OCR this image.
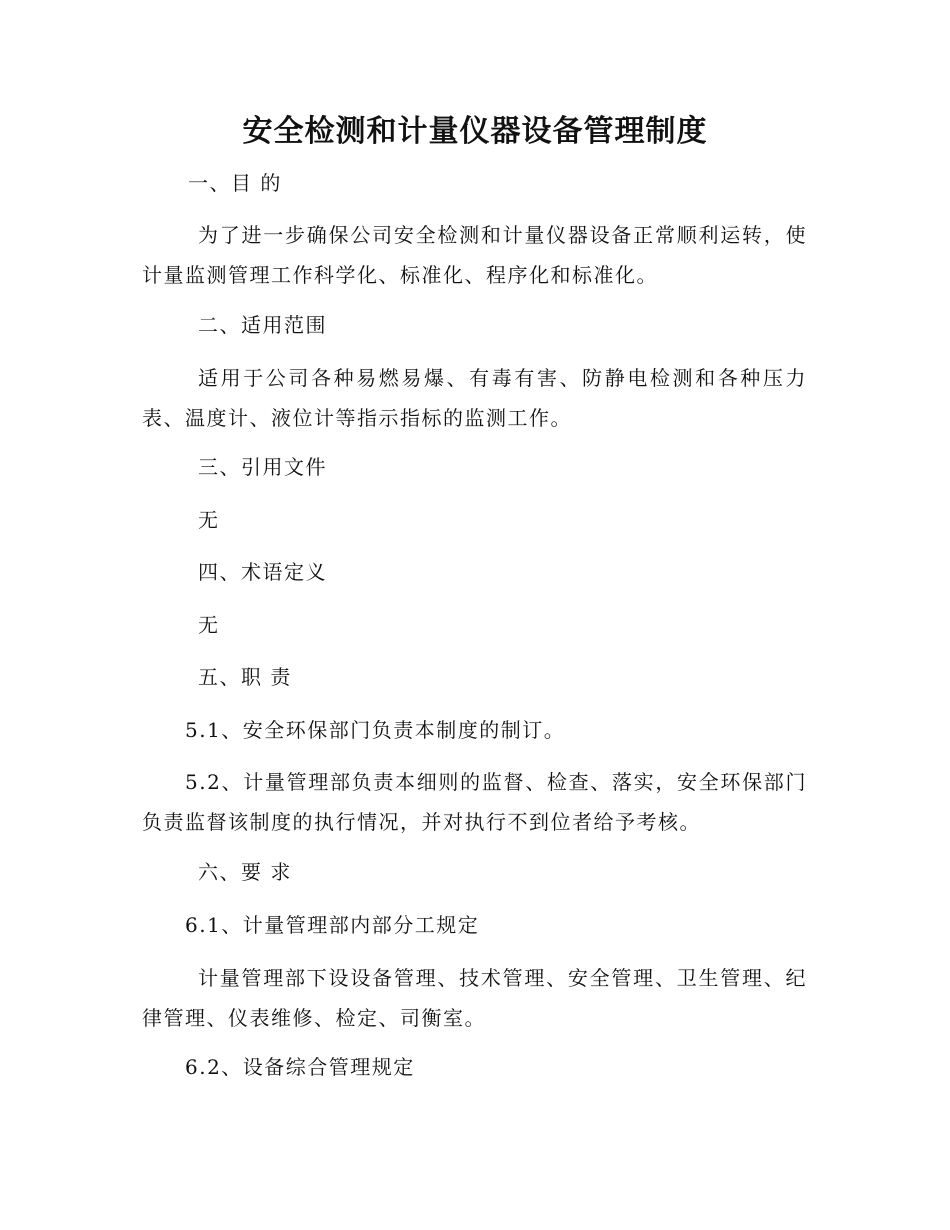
安全检测和计量仪器设备管理制度

一、目 的

为了进一步确保公司安全检测和计量仪器设备正常顺利运转，使计量监测管理工作科学化、标准化、程序化和标准化。

二、适用范围

适用于公司各种易燃易爆、有毒有害、防静电检测和各种压力表、温度计、液位计等指示指标的监测工作。

三、引用文件

无

四、术语定义

无

五、职 责

5.1、安全环保部门负责本制度的制订。

5.2、计量管理部负责本细则的监督、检查、落实，安全环保部门负责监督该制度的执行情况，并对执行不到位者给予考核。

六、要 求

6.1、计量管理部内部分工规定

计量管理部下设设备管理、技术管理、安全管理、卫生管理、纪律管理、仪表维修、检定、司衡室。

6.2、设备综合管理规定
